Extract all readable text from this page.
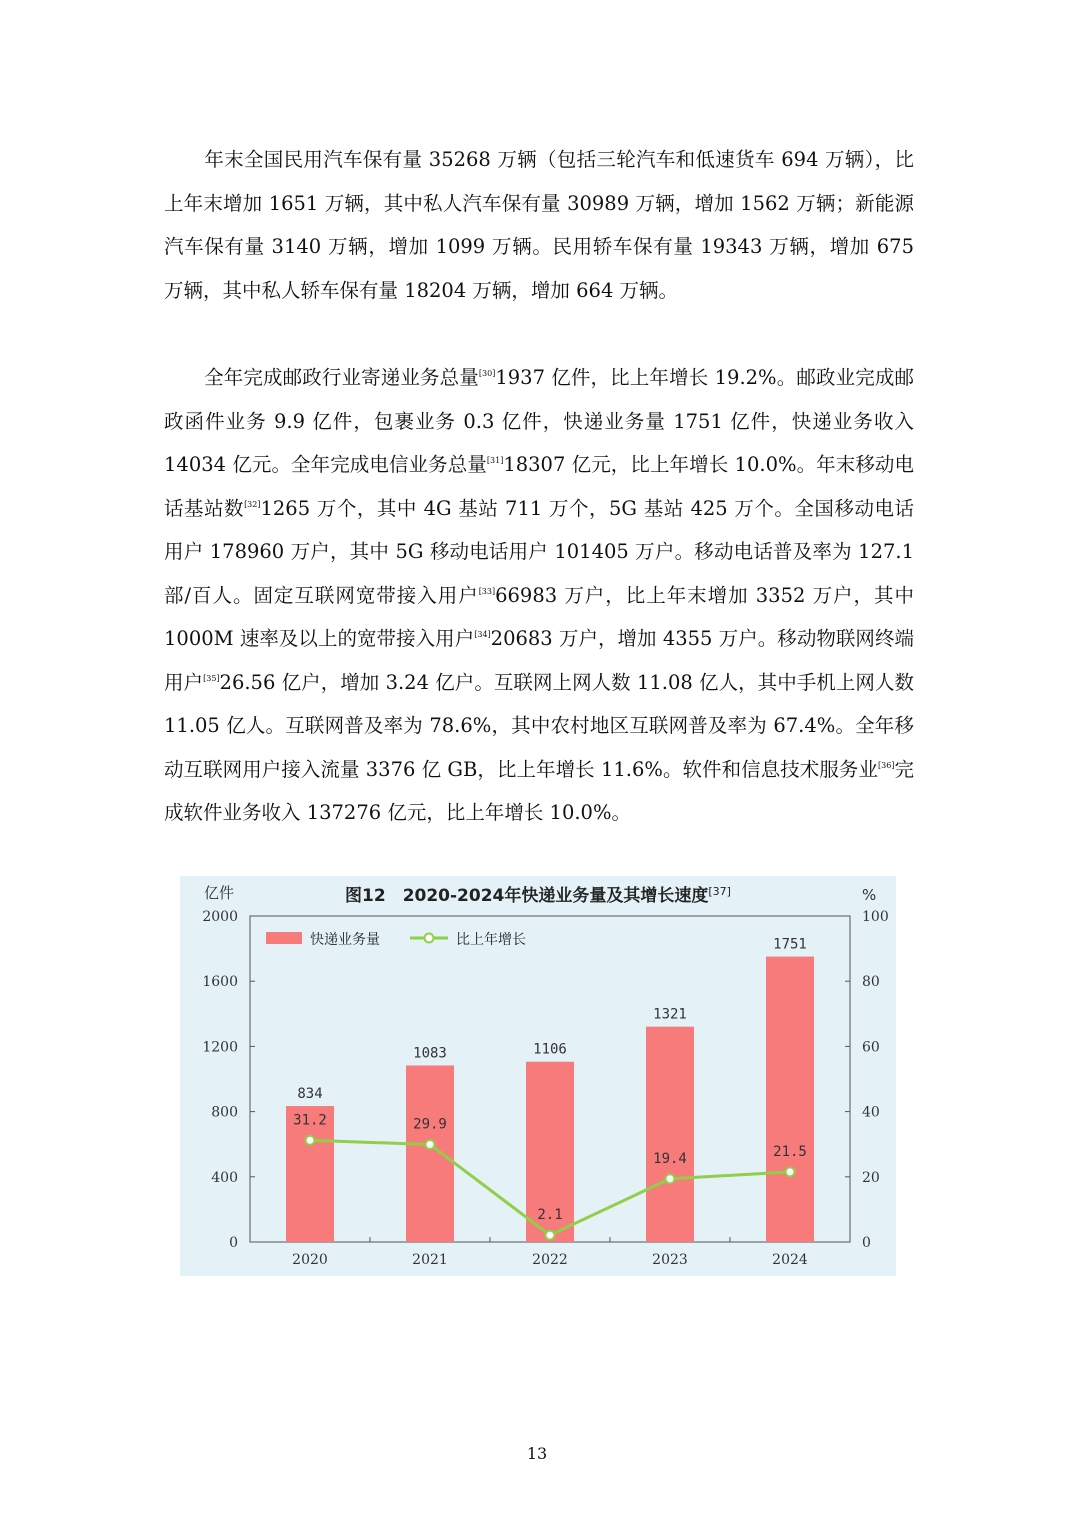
年末全国民用汽车保有量 35268 万辆（包括三轮汽车和低速货车 694 万辆），比上年末增加 1651 万辆，其中私人汽车保有量 30989 万辆，增加 1562 万辆；新能源汽车保有量 3140 万辆，增加 1099 万辆。民用轿车保有量 19343 万辆，增加 675 万辆，其中私人轿车保有量 18204 万辆，增加 664 万辆。

全年完成邮政行业寄递业务总量[30]1937 亿件，比上年增长 19.2%。邮政业完成邮政函件业务 9.9 亿件，包裹业务 0.3 亿件，快递业务量 1751 亿件，快递业务收入 14034 亿元。全年完成电信业务总量[31]18307 亿元，比上年增长 10.0%。年末移动电话基站数[32]1265 万个，其中 4G 基站 711 万个，5G 基站 425 万个。全国移动电话用户 178960 万户，其中 5G 移动电话用户 101405 万户。移动电话普及率为 127.1 部/百人。固定互联网宽带接入用户[33]66983 万户，比上年末增加 3352 万户，其中 1000M 速率及以上的宽带接入用户[34]20683 万户，增加 4355 万户。移动物联网终端用户[35]26.56 亿户，增加 3.24 亿户。互联网上网人数 11.08 亿人，其中手机上网人数 11.05 亿人。互联网普及率为 78.6%，其中农村地区互联网普及率为 67.4%。全年移动互联网用户接入流量 3376 亿 GB，比上年增长 11.6%。软件和信息技术服务业[36]完成软件业务收入 137276 亿元，比上年增长 10.0%。

亿件	%
图12　2020-2024年快递业务量及其增长速度[37]
0
400
800
1200
1600
2000
0
20
40
60
80
100
2020	2021	2022	2023	2024
834
1083	1106
1321
1751
31.2	29.9
2.1
19.4	21.5
快递业务量	比上年增长
13
